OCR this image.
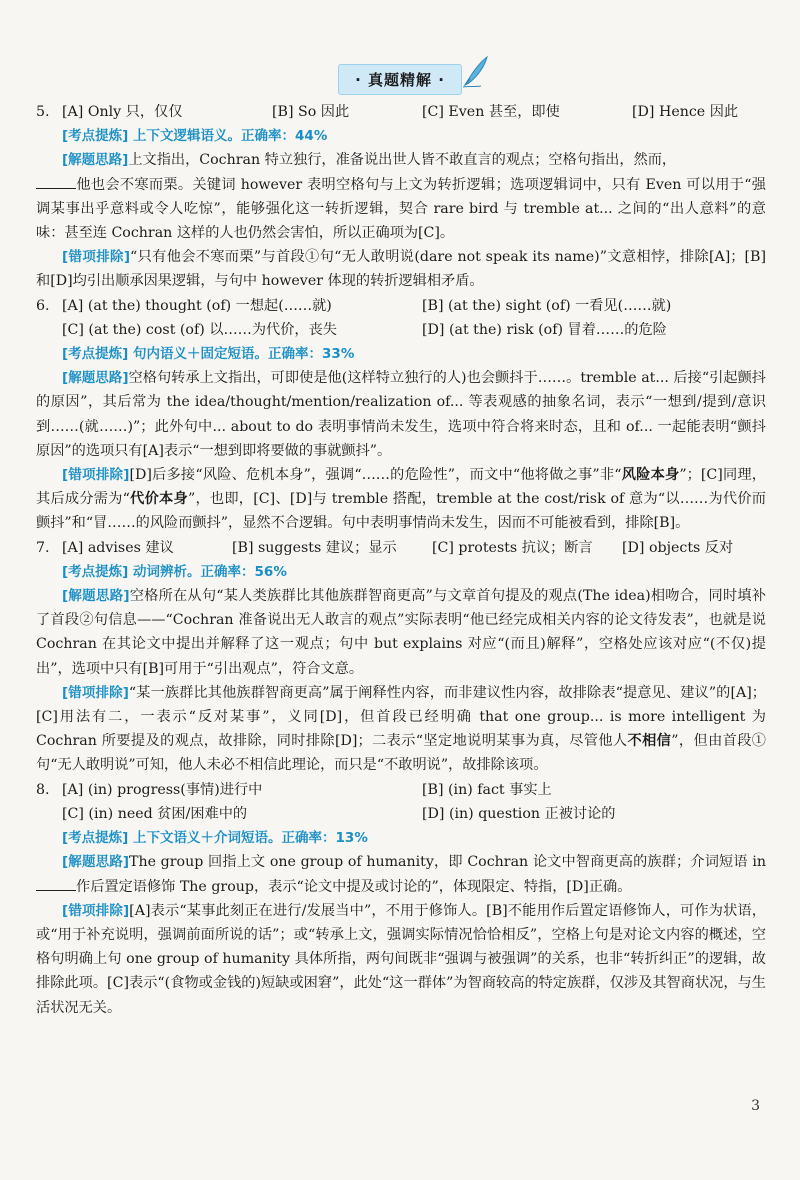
· 真题精解 ·
5. [A] Only 只，仅仅	[B] So 因此	[C] Even 甚至，即使	[D] Hence 因此
[考点提炼] 上下文逻辑语义。正确率：44%
[解题思路]上文指出，Cochran 特立独行，准备说出世人皆不敢直言的观点；空格句指出，然而，
他也会不寒而栗。关键词 however 表明空格句与上文为转折逻辑；选项逻辑词中，只有 Even 可以用于“强调某事出乎意料或令人吃惊”，能够强化这一转折逻辑，契合 rare bird 与 tremble at... 之间的“出人意料”的意味：甚至连 Cochran 这样的人也仍然会害怕，所以正确项为[C]。
[错项排除]“只有他会不寒而栗”与首段①句“无人敢明说(dare not speak its name)”文意相悖，排除[A]；[B]和[D]均引出顺承因果逻辑，与句中 however 体现的转折逻辑相矛盾。
6. [A] (at the) thought (of) 一想起(……就)	[B] (at the) sight (of) 一看见(……就)
[C] (at the) cost (of) 以……为代价，丧失	[D] (at the) risk (of) 冒着……的危险
[考点提炼] 句内语义＋固定短语。正确率：33%
[解题思路]空格句转承上文指出，可即使是他(这样特立独行的人)也会颤抖于……。tremble at... 后接“引起颤抖的原因”，其后常为 the idea/thought/mention/realization of... 等表观感的抽象名词，表示“一想到/提到/意识到……(就……)”；此外句中... about to do 表明事情尚未发生，选项中符合将来时态，且和 of... 一起能表明“颤抖原因”的选项只有[A]表示“一想到即将要做的事就颤抖”。
[错项排除][D]后多接“风险、危机本身”，强调“……的危险性”，而文中“他将做之事”非“风险本身”；[C]同理，其后成分需为“代价本身”，也即，[C]、[D]与 tremble 搭配，tremble at the cost/risk of 意为“以……为代价而颤抖”和“冒……的风险而颤抖”，显然不合逻辑。句中表明事情尚未发生，因而不可能被看到，排除[B]。
7. [A] advises 建议	[B] suggests 建议；显示	[C] protests 抗议；断言	[D] objects 反对
[考点提炼] 动词辨析。正确率：56%
[解题思路]空格所在从句“某人类族群比其他族群智商更高”与文章首句提及的观点(The idea)相吻合，同时填补了首段②句信息——“Cochran 准备说出无人敢言的观点”实际表明“他已经完成相关内容的论文待发表”，也就是说 Cochran 在其论文中提出并解释了这一观点；句中 but explains 对应“(而且)解释”，空格处应该对应“(不仅)提出”，选项中只有[B]可用于“引出观点”，符合文意。
[错项排除]“某一族群比其他族群智商更高”属于阐释性内容，而非建议性内容，故排除表“提意见、建议”的[A]；[C]用法有二，一表示“反对某事”，义同[D]，但首段已经明确 that one group... is more intelligent 为 Cochran 所要提及的观点，故排除，同时排除[D]；二表示“坚定地说明某事为真，尽管他人不相信”，但由首段①句“无人敢明说”可知，他人未必不相信此理论，而只是“不敢明说”，故排除该项。
8. [A] (in) progress(事情)进行中	[B] (in) fact 事实上
[C] (in) need 贫困/困难中的	[D] (in) question 正被讨论的
[考点提炼] 上下文语义＋介词短语。正确率：13%
[解题思路]The group 回指上文 one group of humanity，即 Cochran 论文中智商更高的族群；介词短语 in 作后置定语修饰 The group，表示“论文中提及或讨论的”，体现限定、特指，[D]正确。
[错项排除][A]表示“某事此刻正在进行/发展当中”，不用于修饰人。[B]不能用作后置定语修饰人，可作为状语，或“用于补充说明，强调前面所说的话”；或“转承上文，强调实际情况恰恰相反”，空格上句是对论文内容的概述，空格句明确上句 one group of humanity 具体所指，两句间既非“强调与被强调”的关系，也非“转折纠正”的逻辑，故排除此项。[C]表示“(食物或金钱的)短缺或困窘”，此处“这一群体”为智商较高的特定族群，仅涉及其智商状况，与生活状况无关。
3
